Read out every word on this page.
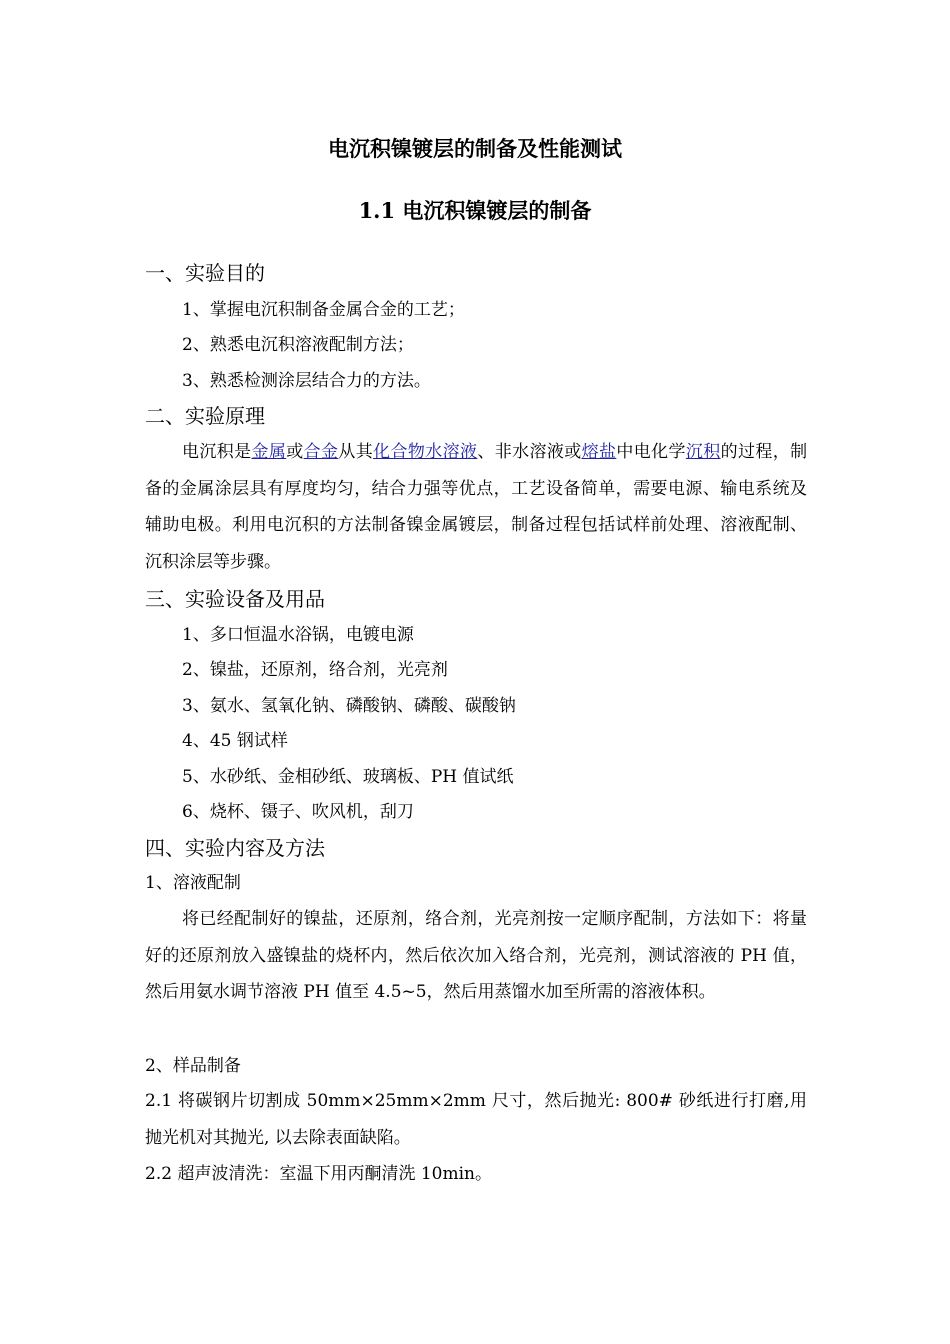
电沉积镍镀层的制备及性能测试
1.1 电沉积镍镀层的制备
一、实验目的
1、掌握电沉积制备金属合金的工艺；
2、熟悉电沉积溶液配制方法；
3、熟悉检测涂层结合力的方法。
二、实验原理

电沉积是金属或合金从其化合物水溶液、非水溶液或熔盐中电化学沉积的过程，制备的金属涂层具有厚度均匀，结合力强等优点，工艺设备简单，需要电源、输电系统及辅助电极。利用电沉积的方法制备镍金属镀层，制备过程包括试样前处理、溶液配制、沉积涂层等步骤。

三、实验设备及用品
1、多口恒温水浴锅，电镀电源
2、镍盐，还原剂，络合剂，光亮剂
3、氨水、氢氧化钠、磷酸钠、磷酸、碳酸钠
4、45 钢试样
5、水砂纸、金相砂纸、玻璃板、PH 值试纸
6、烧杯、镊子、吹风机，刮刀
四、实验内容及方法
1、溶液配制

将已经配制好的镍盐，还原剂，络合剂，光亮剂按一定顺序配制，方法如下：将量好的还原剂放入盛镍盐的烧杯内，然后依次加入络合剂，光亮剂，测试溶液的 PH 值，然后用氨水调节溶液 PH 值至 4.5~5，然后用蒸馏水加至所需的溶液体积。

2、样品制备

2.1 将碳钢片切割成 50mm×25mm×2mm 尺寸，然后抛光: 800# 砂纸进行打磨,用抛光机对其抛光, 以去除表面缺陷。

2.2 超声波清洗：室温下用丙酮清洗 10min。
